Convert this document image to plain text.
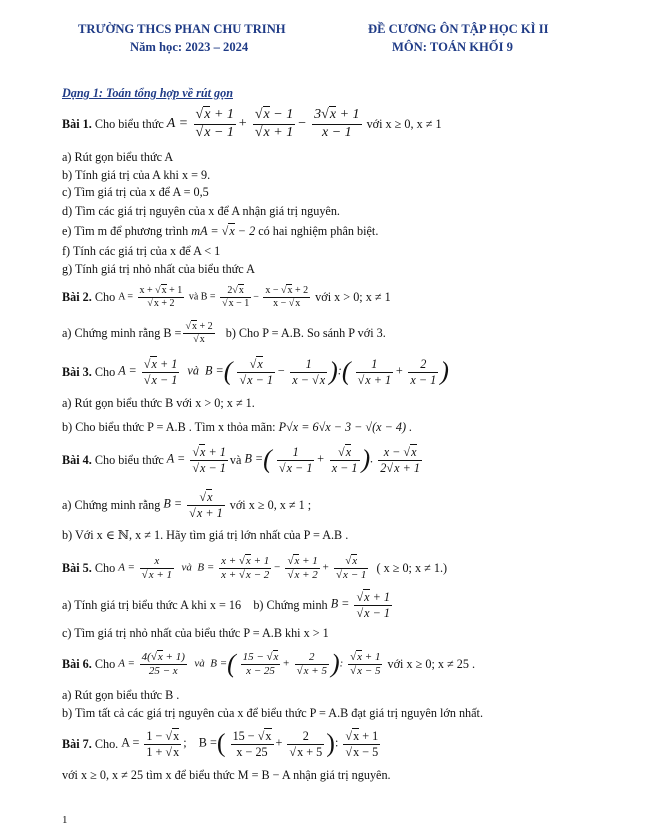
TRƯỜNG THCS PHAN CHU TRINH
Năm học: 2023 – 2024
ĐỀ CƯƠNG ÔN TẬP HỌC KÌ II
MÔN: TOÁN KHỐI 9
Dạng 1: Toán tổng hợp về rút gọn
Bài 1.
Cho biểu thức
$A = \frac{√x + 1}{√x - 1} + \frac{√x - 1}{√x + 1} - \frac{3√x + 1}{x - 1}$
với x ≥ 0, x ≠ 1
a) Rút gọn biểu thức A
b) Tính giá trị của A khi x = 9.
c) Tìm giá trị của x để A = 0,5
d) Tìm các giá trị nguyên của x để A nhận giá trị nguyên.
e) Tìm m để phương trình mA = √x − 2 có hai nghiệm phân biệt.
f) Tính các giá trị của x để A < 1
g) Tính giá trị nhỏ nhất của biểu thức A
Bài 2.
Cho
$A = \frac{x + √x + 1}{√x + 2}$ và $B = \frac{2√x}{√x - 1} - \frac{x - √x + 2}{x - √x}$
với x > 0; x ≠ 1
a) Chứng minh rằng $B = \frac{√x + 2}{√x}$
b) Cho P = A.B. So sánh P với 3.
Bài 3.
Cho
$A = \frac{√x + 1}{√x - 1}$ và  B =( $\frac{√x}{√x - 1} - \frac{1}{x - √x}$ ):( $\frac{1}{√x + 1} + \frac{2}{x - 1}$ )
a) Rút gọn biểu thức B với x > 0; x ≠ 1.
b) Cho biểu thức P = A.B . Tìm x thỏa mãn: P√x = 6√x − 3 − √(x − 4) .
Bài 4.
Cho biểu thức
$A = \frac{√x + 1}{√x - 1}$ và B =( $\frac{1}{√x - 1} + \frac{√x}{x - 1}$ ). $\frac{x - √x}{2√x + 1}$
a) Chứng minh rằng
$B = \frac{√x}{√x + 1}$
với x ≥ 0, x ≠ 1 ;
b) Với x ∈ ℕ, x ≠ 1. Hãy tìm giá trị lớn nhất của P = A.B .
Bài 5.
Cho
$A = \frac{x}{√x + 1}$ và  $B = \frac{x + √x + 1}{x + √x - 2} - \frac{√x + 1}{√x + 2} + \frac{√x}{√x - 1}$
( x ≥ 0; x ≠ 1.)
a) Tính giá trị biểu thức A khi x = 16
b) Chứng minh
$B = \frac{√x + 1}{√x - 1}$
c) Tìm giá trị nhỏ nhất của biểu thức P = A.B khi x > 1
Bài 6.
Cho
$A = \frac{4(√x + 1)}{25 - x}$ và  B =( $\frac{15 - √x}{x - 25} + \frac{2}{√x + 5}$ ): $\frac{√x + 1}{√x - 5}$
với x ≥ 0; x ≠ 25 .
a) Rút gọn biểu thức B .
b) Tìm tất cả các giá trị nguyên của x để biểu thức P = A.B đạt giá trị nguyên lớn nhất.
Bài 7.
Cho.
$A = \frac{1 - √x}{1 + √x}$ ;    B =( $\frac{15 - √x}{x - 25} + \frac{2}{√x + 5}$ ): $\frac{√x + 1}{√x - 5}$
với x ≥ 0, x ≠ 25 tìm x để biểu thức M = B − A nhận giá trị nguyên.
1
